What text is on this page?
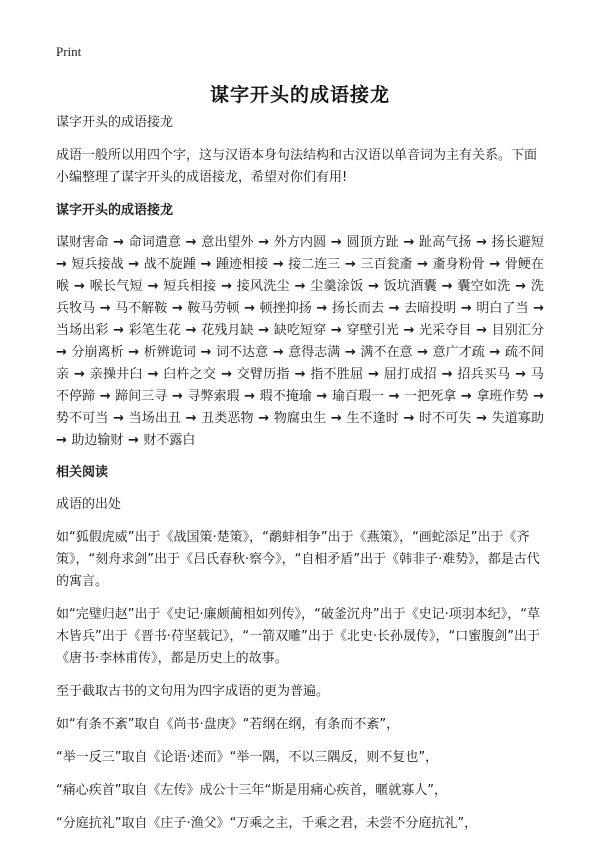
Print
谋字开头的成语接龙

谋字开头的成语接龙

成语一般所以用四个字，这与汉语本身句法结构和古汉语以单音词为主有关系。下面小编整理了谋字开头的成语接龙，希望对你们有用!

谋字开头的成语接龙
谋财害命 → 命词遣意 → 意出望外 → 外方内圆 → 圆顶方趾 → 趾高气扬 → 扬长避短 → 短兵接战 → 战不旋踵 → 踵迹相接 → 接二连三 → 三百瓮齑 → 齑身粉骨 → 骨鲠在喉 → 喉长气短 → 短兵相接 → 接风洗尘 → 尘羹涂饭 → 饭坑酒囊 → 囊空如洗 → 洗兵牧马 → 马不解鞍 → 鞍马劳顿 → 顿挫抑扬 → 扬长而去 → 去暗投明 → 明白了当 → 当场出彩 → 彩笔生花 → 花残月缺 → 缺吃短穿 → 穿壁引光 → 光采夺目 → 目别汇分 → 分崩离析 → 析辨诡词 → 词不达意 → 意得志满 → 满不在意 → 意广才疏 → 疏不间亲 → 亲操井臼 → 臼杵之交 → 交臂历指 → 指不胜屈 → 屈打成招 → 招兵买马 → 马不停蹄 → 蹄间三寻 → 寻弊索瑕 → 瑕不掩瑜 → 瑜百瑕一 → 一把死拿 → 拿班作势 → 势不可当 → 当场出丑 → 丑类恶物 → 物腐虫生 → 生不逢时 → 时不可失 → 失道寡助 → 助边输财 → 财不露白
相关阅读

成语的出处

如“狐假虎威”出于《战国策·楚策》，“鹬蚌相争”出于《燕策》，“画蛇添足”出于《齐策》，“刻舟求剑”出于《吕氏春秋·察今》，“自相矛盾”出于《韩非子·难势》，都是古代的寓言。

如“完璧归赵”出于《史记·廉颇蔺相如列传》，“破釜沉舟”出于《史记·项羽本纪》，“草木皆兵”出于《晋书·苻坚载记》，“一箭双雕”出于《北史·长孙晟传》，“口蜜腹剑”出于《唐书·李林甫传》，都是历史上的故事。

至于截取古书的文句用为四字成语的更为普遍。

如“有条不紊”取自《尚书·盘庚》“若纲在纲，有条而不紊”，

“举一反三”取自《论语·述而》“举一隅，不以三隅反，则不复也”，

“痛心疾首”取自《左传》成公十三年“斯是用痛心疾首，暱就寡人”，

“分庭抗礼”取自《庄子·渔父》“万乘之主，千乘之君，未尝不分庭抗礼”，
